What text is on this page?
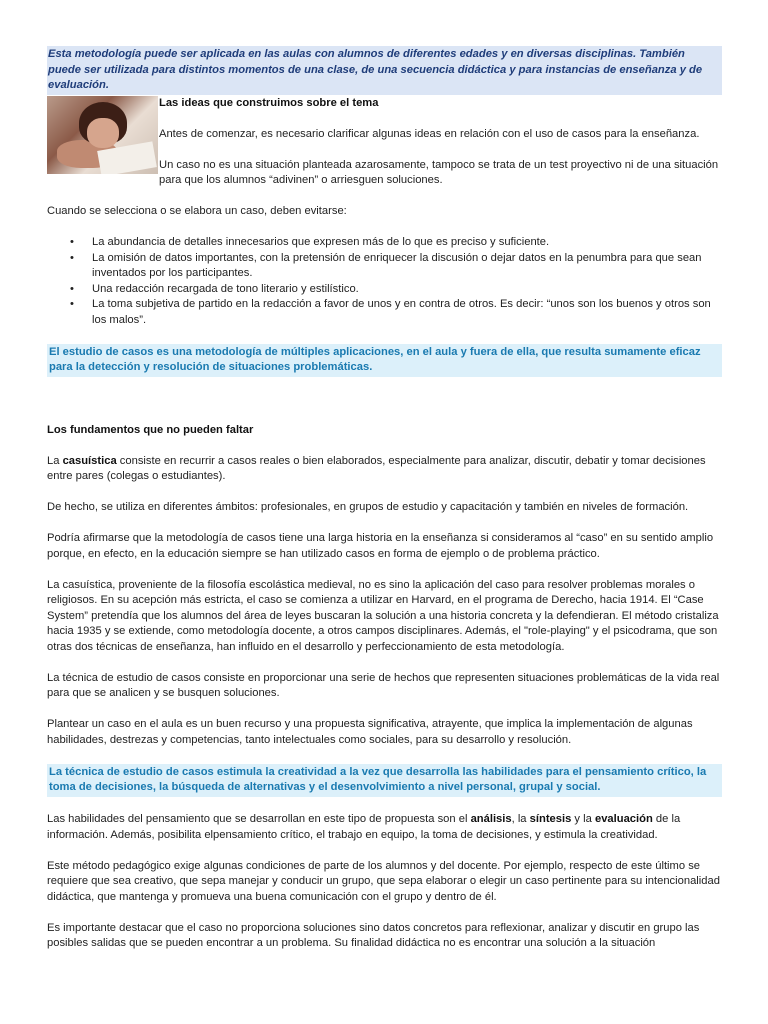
Esta metodología puede ser aplicada en las aulas con alumnos de diferentes edades y en diversas disciplinas. También puede ser utilizada para distintos momentos de una clase, de una secuencia didáctica y para instancias de enseñanza y de evaluación.

Las ideas que construimos sobre el tema

Antes de comenzar, es necesario clarificar algunas ideas en relación con el uso de casos para la enseñanza.

Un caso no es una situación planteada azarosamente, tampoco se trata de un test proyectivo ni de una situación para que los alumnos “adivinen” o arriesguen soluciones.

Cuando se selecciona o se elabora un caso, deben evitarse:

• La abundancia de detalles innecesarios que expresen más de lo que es preciso y suficiente.
• La omisión de datos importantes, con la pretensión de enriquecer la discusión o dejar datos en la penumbra para que sean inventados por los participantes.
• Una redacción recargada de tono literario y estilístico.
• La toma subjetiva de partido en la redacción a favor de unos y en contra de otros. Es decir: “unos son los buenos y otros son los malos”.

El estudio de casos es una metodología de múltiples aplicaciones, en el aula y fuera de ella, que resulta sumamente eficaz para la detección y resolución de situaciones problemáticas.

Los fundamentos que no pueden faltar

La casuística consiste en recurrir a casos reales o bien elaborados, especialmente para analizar, discutir, debatir y tomar decisiones entre pares (colegas o estudiantes).

De hecho, se utiliza en diferentes ámbitos: profesionales, en grupos de estudio y capacitación y también en niveles de formación.

Podría afirmarse que la metodología de casos tiene una larga historia en la enseñanza si consideramos al “caso” en su sentido amplio porque, en efecto, en la educación siempre se han utilizado casos en forma de ejemplo o de problema práctico.

La casuística, proveniente de la filosofía escolástica medieval, no es sino la aplicación del caso para resolver problemas morales o religiosos. En su acepción más estricta, el caso se comienza a utilizar en Harvard, en el programa de Derecho, hacia 1914. El “Case System” pretendía que los alumnos del área de leyes buscaran la solución a una historia concreta y la defendieran. El método cristaliza hacia 1935 y se extiende, como metodología docente, a otros campos disciplinares. Además, el "role-playing" y el psicodrama, que son otras dos técnicas de enseñanza, han influido en el desarrollo y perfeccionamiento de esta metodología.

La técnica de estudio de casos consiste en proporcionar una serie de hechos que representen situaciones problemáticas de la vida real para que se analicen y se busquen soluciones.

Plantear un caso en el aula es un buen recurso y una propuesta significativa, atrayente, que implica la implementación de algunas habilidades, destrezas y competencias, tanto intelectuales como sociales, para su desarrollo y resolución.

La técnica de estudio de casos estimula la creatividad a la vez que desarrolla las habilidades para el pensamiento crítico, la toma de decisiones, la búsqueda de alternativas y el desenvolvimiento a nivel personal, grupal y social.

Las habilidades del pensamiento que se desarrollan en este tipo de propuesta son el análisis, la síntesis y la evaluación de la información. Además, posibilita elpensamiento crítico, el trabajo en equipo, la toma de decisiones, y estimula la creatividad.

Este método pedagógico exige algunas condiciones de parte de los alumnos y del docente. Por ejemplo, respecto de este último se requiere que sea creativo, que sepa manejar y conducir un grupo, que sepa elaborar o elegir un caso pertinente para su intencionalidad didáctica, que mantenga y promueva una buena comunicación con el grupo y dentro de él.

Es importante destacar que el caso no proporciona soluciones sino datos concretos para reflexionar, analizar y discutir en grupo las posibles salidas que se pueden encontrar a un problema. Su finalidad didáctica no es encontrar una solución a la situación
